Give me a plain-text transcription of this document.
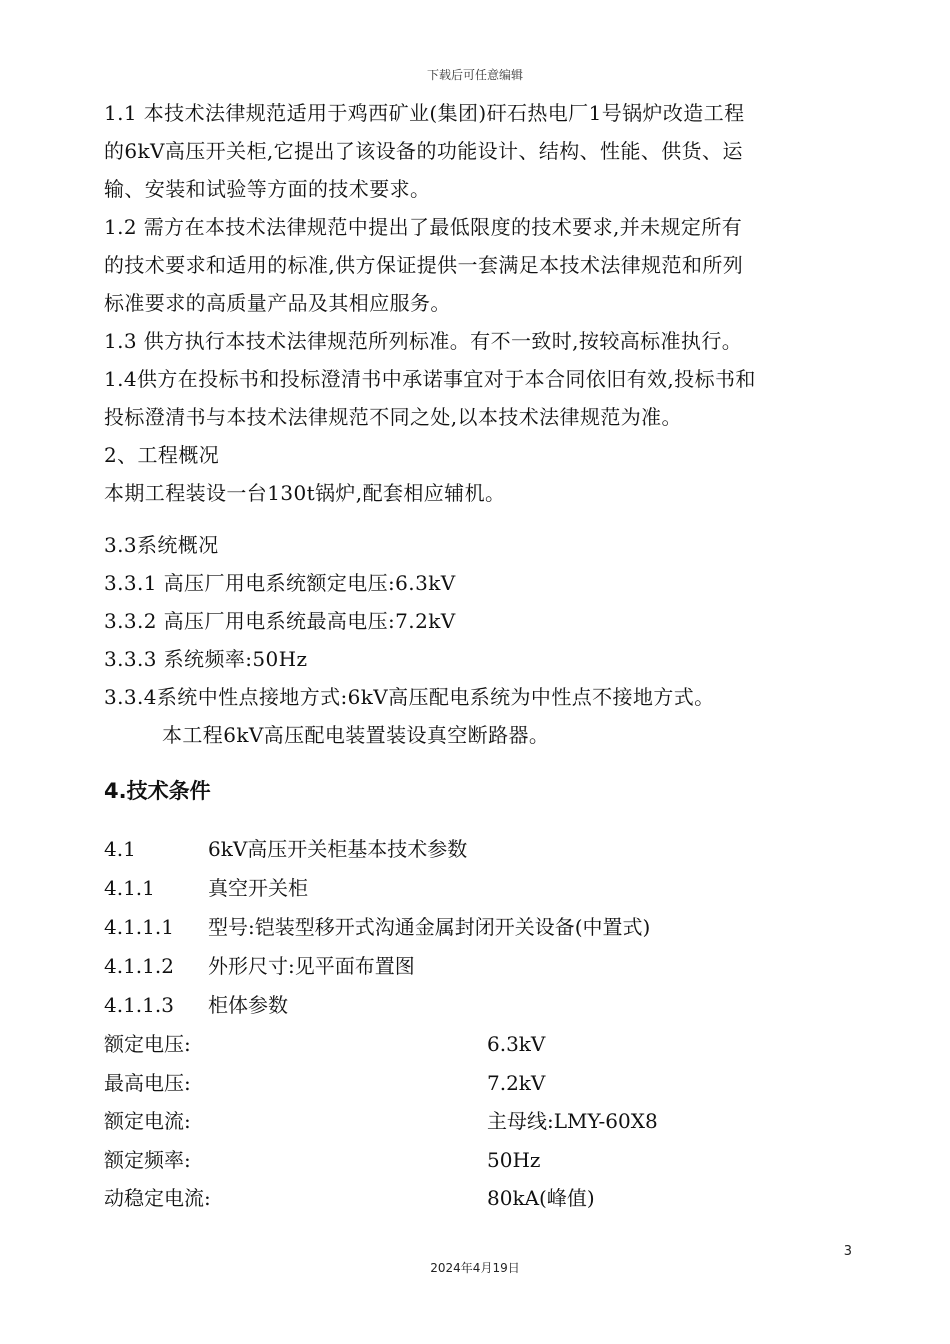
下载后可任意编辑

1.1 本技术法律规范适用于鸡西矿业(集团)矸石热电厂1号锅炉改造工程

的6kV高压开关柜,它提出了该设备的功能设计、结构、性能、供货、运

输、安装和试验等方面的技术要求。

1.2 需方在本技术法律规范中提出了最低限度的技术要求,并未规定所有

的技术要求和适用的标准,供方保证提供一套满足本技术法律规范和所列

标准要求的高质量产品及其相应服务。

1.3 供方执行本技术法律规范所列标准。有不一致时,按较高标准执行。

1.4供方在投标书和投标澄清书中承诺事宜对于本合同依旧有效,投标书和

投标澄清书与本技术法律规范不同之处,以本技术法律规范为准。

2、工程概况

本期工程装设一台130t锅炉,配套相应辅机。

3.3系统概况

3.3.1 高压厂用电系统额定电压:6.3kV

3.3.2 高压厂用电系统最高电压:7.2kV

3.3.3 系统频率:50Hz

3.3.4系统中性点接地方式:6kV高压配电系统为中性点不接地方式。

本工程6kV高压配电装置装设真空断路器。

4.技术条件
4.1	6kV高压开关柜基本技术参数
4.1.1	真空开关柜
4.1.1.1	型号:铠装型移开式沟通金属封闭开关设备(中置式)
4.1.1.2	外形尺寸:见平面布置图
4.1.1.3	柜体参数
额定电压:	6.3kV
最高电压:	7.2kV
额定电流:	主母线:LMY-60X8
额定频率:	50Hz
动稳定电流:	80kA(峰值)
3
2024年4月19日
